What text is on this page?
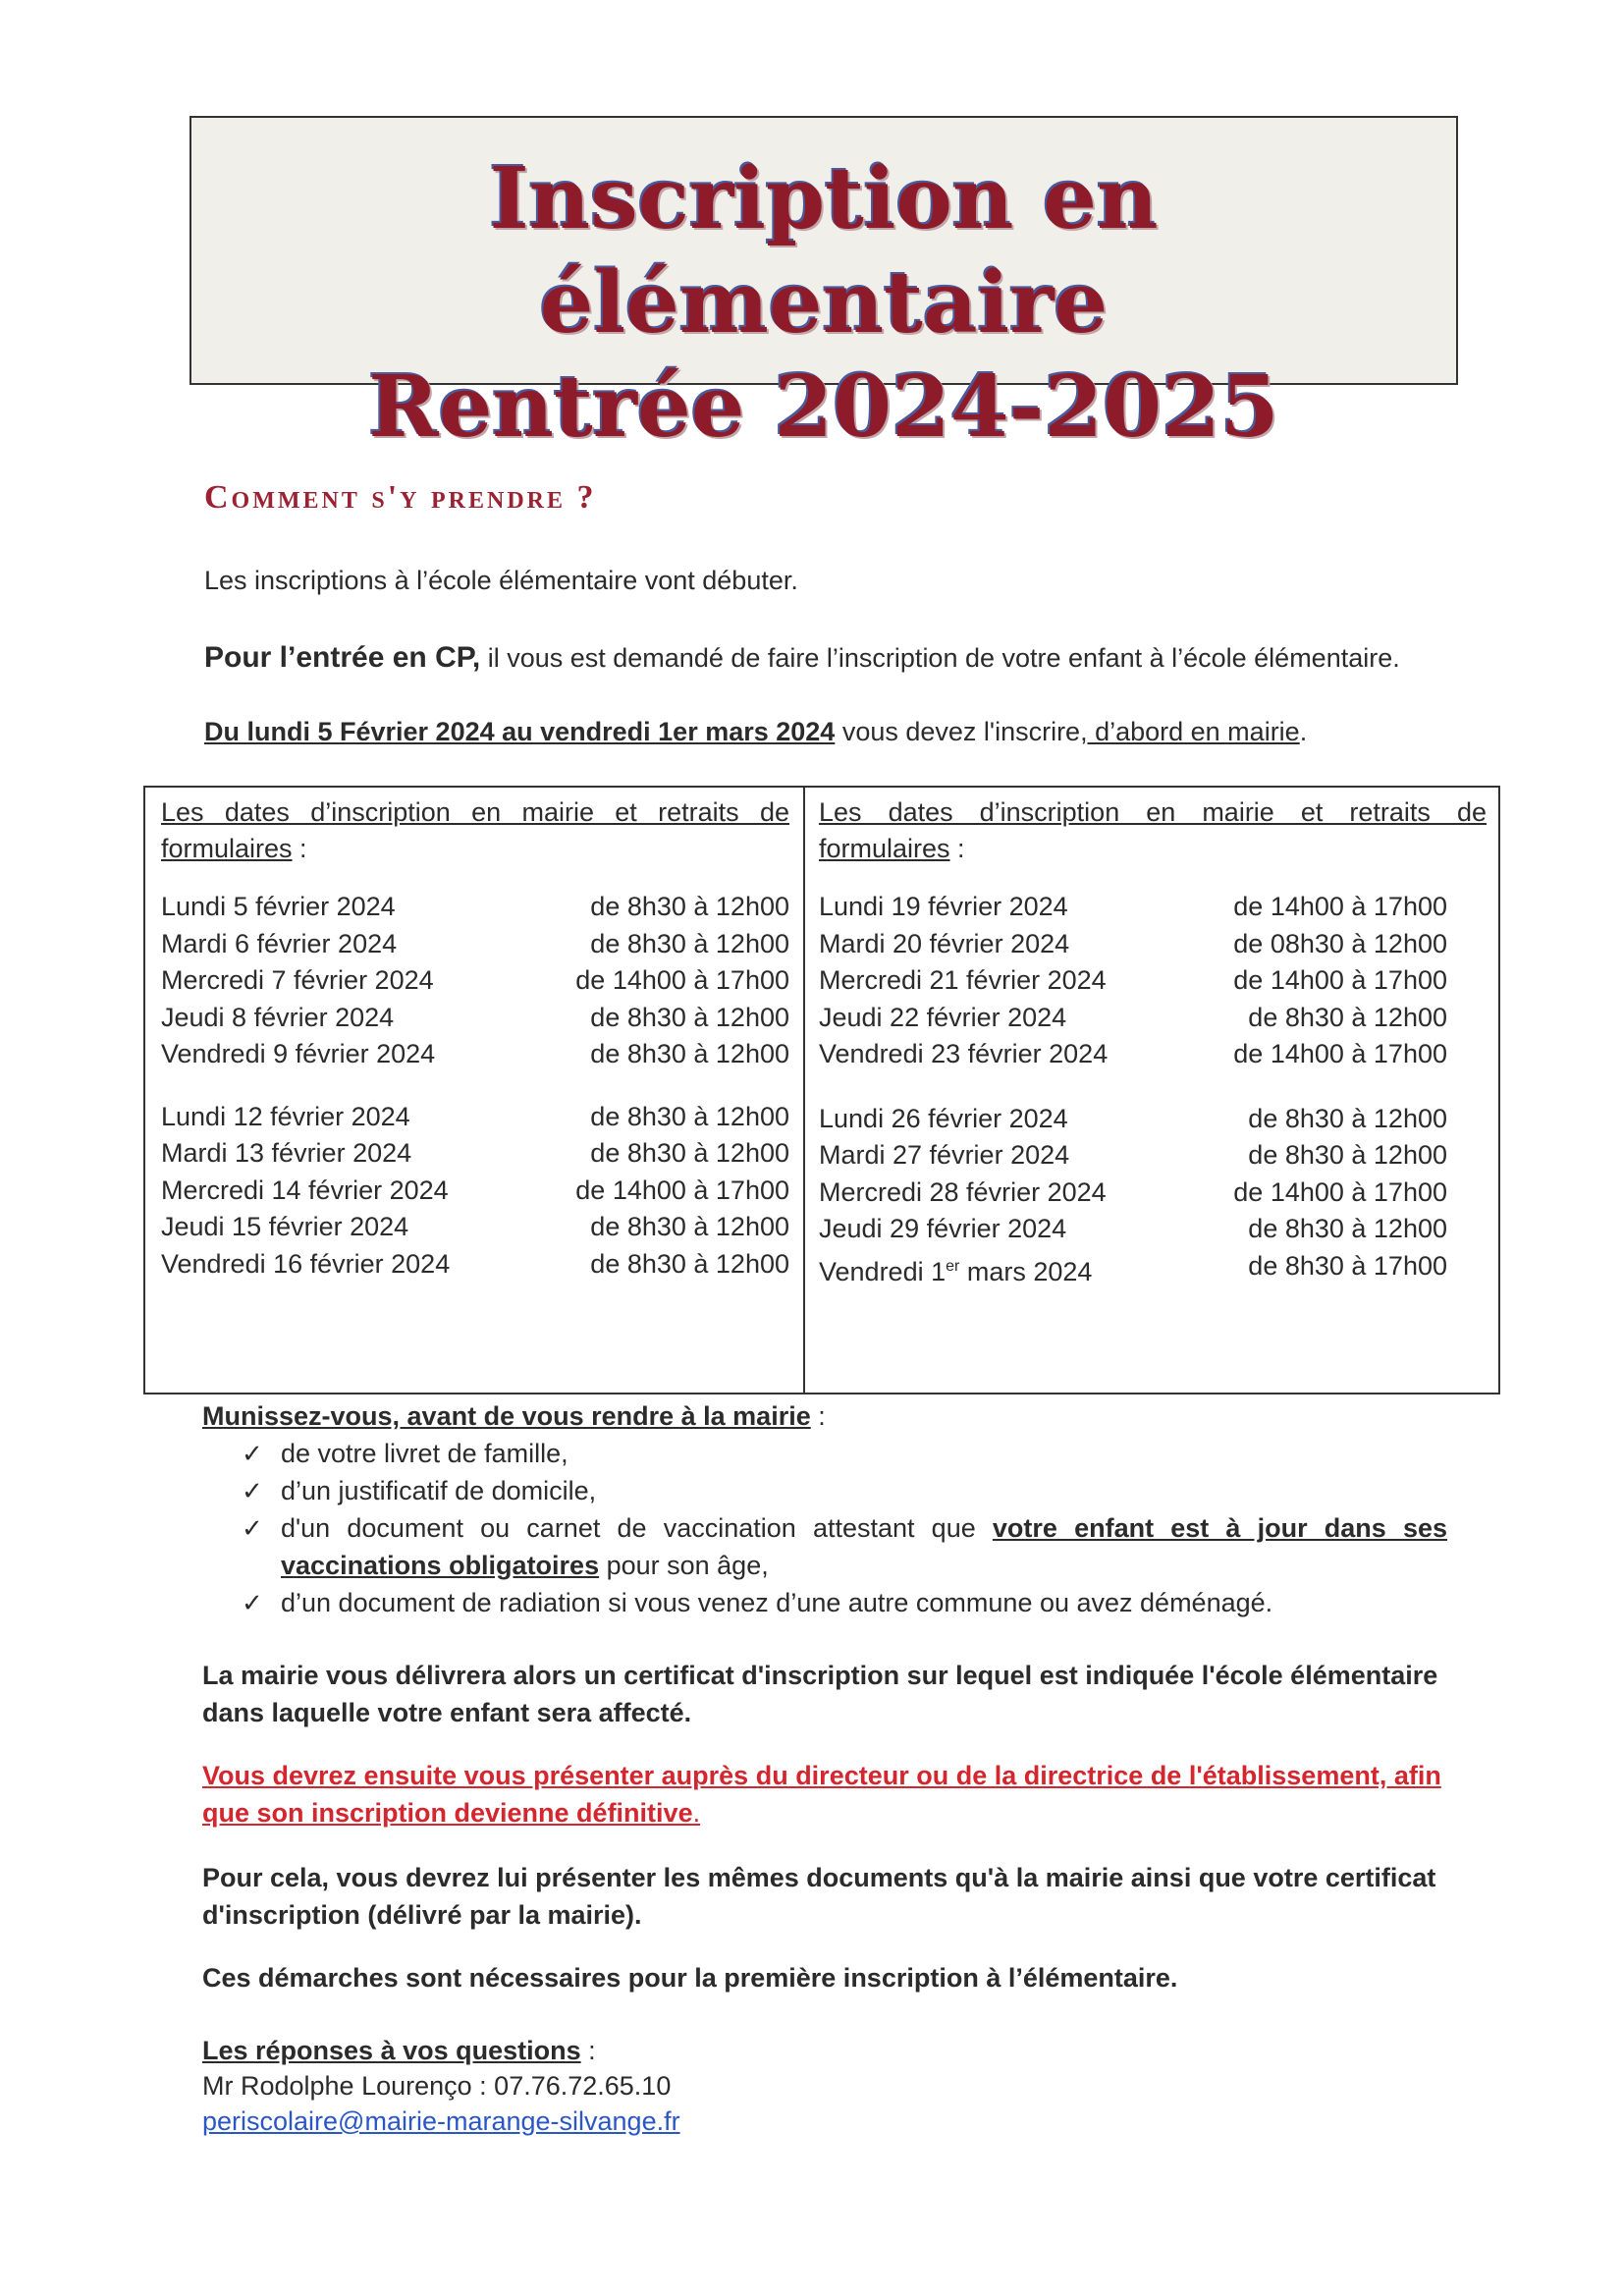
Inscription en élémentaire
Rentrée 2024-2025
Comment s'y prendre ?
Les inscriptions à l’école élémentaire vont débuter.
Pour l’entrée en CP, il vous est demandé de faire l’inscription de votre enfant à l’école élémentaire.
Du lundi 5 Février 2024 au vendredi 1er mars 2024 vous devez l'inscrire, d’abord en mairie.
Les dates d’inscription en mairie et retraits de formulaires :
Lundi 5 février 2024	de 8h30 à 12h00
Mardi 6 février 2024	de 8h30 à 12h00
Mercredi 7 février 2024	de 14h00 à 17h00
Jeudi 8 février 2024	de 8h30 à 12h00
Vendredi 9 février 2024	de 8h30 à 12h00
Lundi 12 février 2024	de 8h30 à 12h00
Mardi 13 février 2024	de 8h30 à 12h00
Mercredi 14 février 2024	de 14h00 à 17h00
Jeudi 15 février 2024	de 8h30 à 12h00
Vendredi 16 février 2024	de 8h30 à 12h00
Les dates d’inscription en mairie et retraits de formulaires :
Lundi 19 février 2024	de 14h00 à 17h00
Mardi 20 février 2024	de 08h30 à 12h00
Mercredi 21 février 2024	de 14h00 à 17h00
Jeudi 22 février 2024	de 8h30 à 12h00
Vendredi 23 février 2024	de 14h00 à 17h00
Lundi 26 février 2024	de 8h30 à 12h00
Mardi 27 février 2024	de 8h30 à 12h00
Mercredi 28 février 2024	de 14h00 à 17h00
Jeudi 29 février 2024	de 8h30 à 12h00
Vendredi 1er mars 2024	de 8h30 à 17h00
Munissez-vous, avant de vous rendre à la mairie :
✓ de votre livret de famille,
✓ d’un justificatif de domicile,
✓ d'un document ou carnet de vaccination attestant que votre enfant est à jour dans ses vaccinations obligatoires pour son âge,
✓ d’un document de radiation si vous venez d’une autre commune ou avez déménagé.
La mairie vous délivrera alors un certificat d'inscription sur lequel est indiquée l'école élémentaire dans laquelle votre enfant sera affecté.
Vous devrez ensuite vous présenter auprès du directeur ou de la directrice de l'établissement, afin que son inscription devienne définitive.
Pour cela, vous devrez lui présenter les mêmes documents qu'à la mairie ainsi que votre certificat d'inscription (délivré par la mairie).
Ces démarches sont nécessaires pour la première inscription à l’élémentaire.
Les réponses à vos questions :
Mr Rodolphe Lourenço : 07.76.72.65.10
periscolaire@mairie-marange-silvange.fr
